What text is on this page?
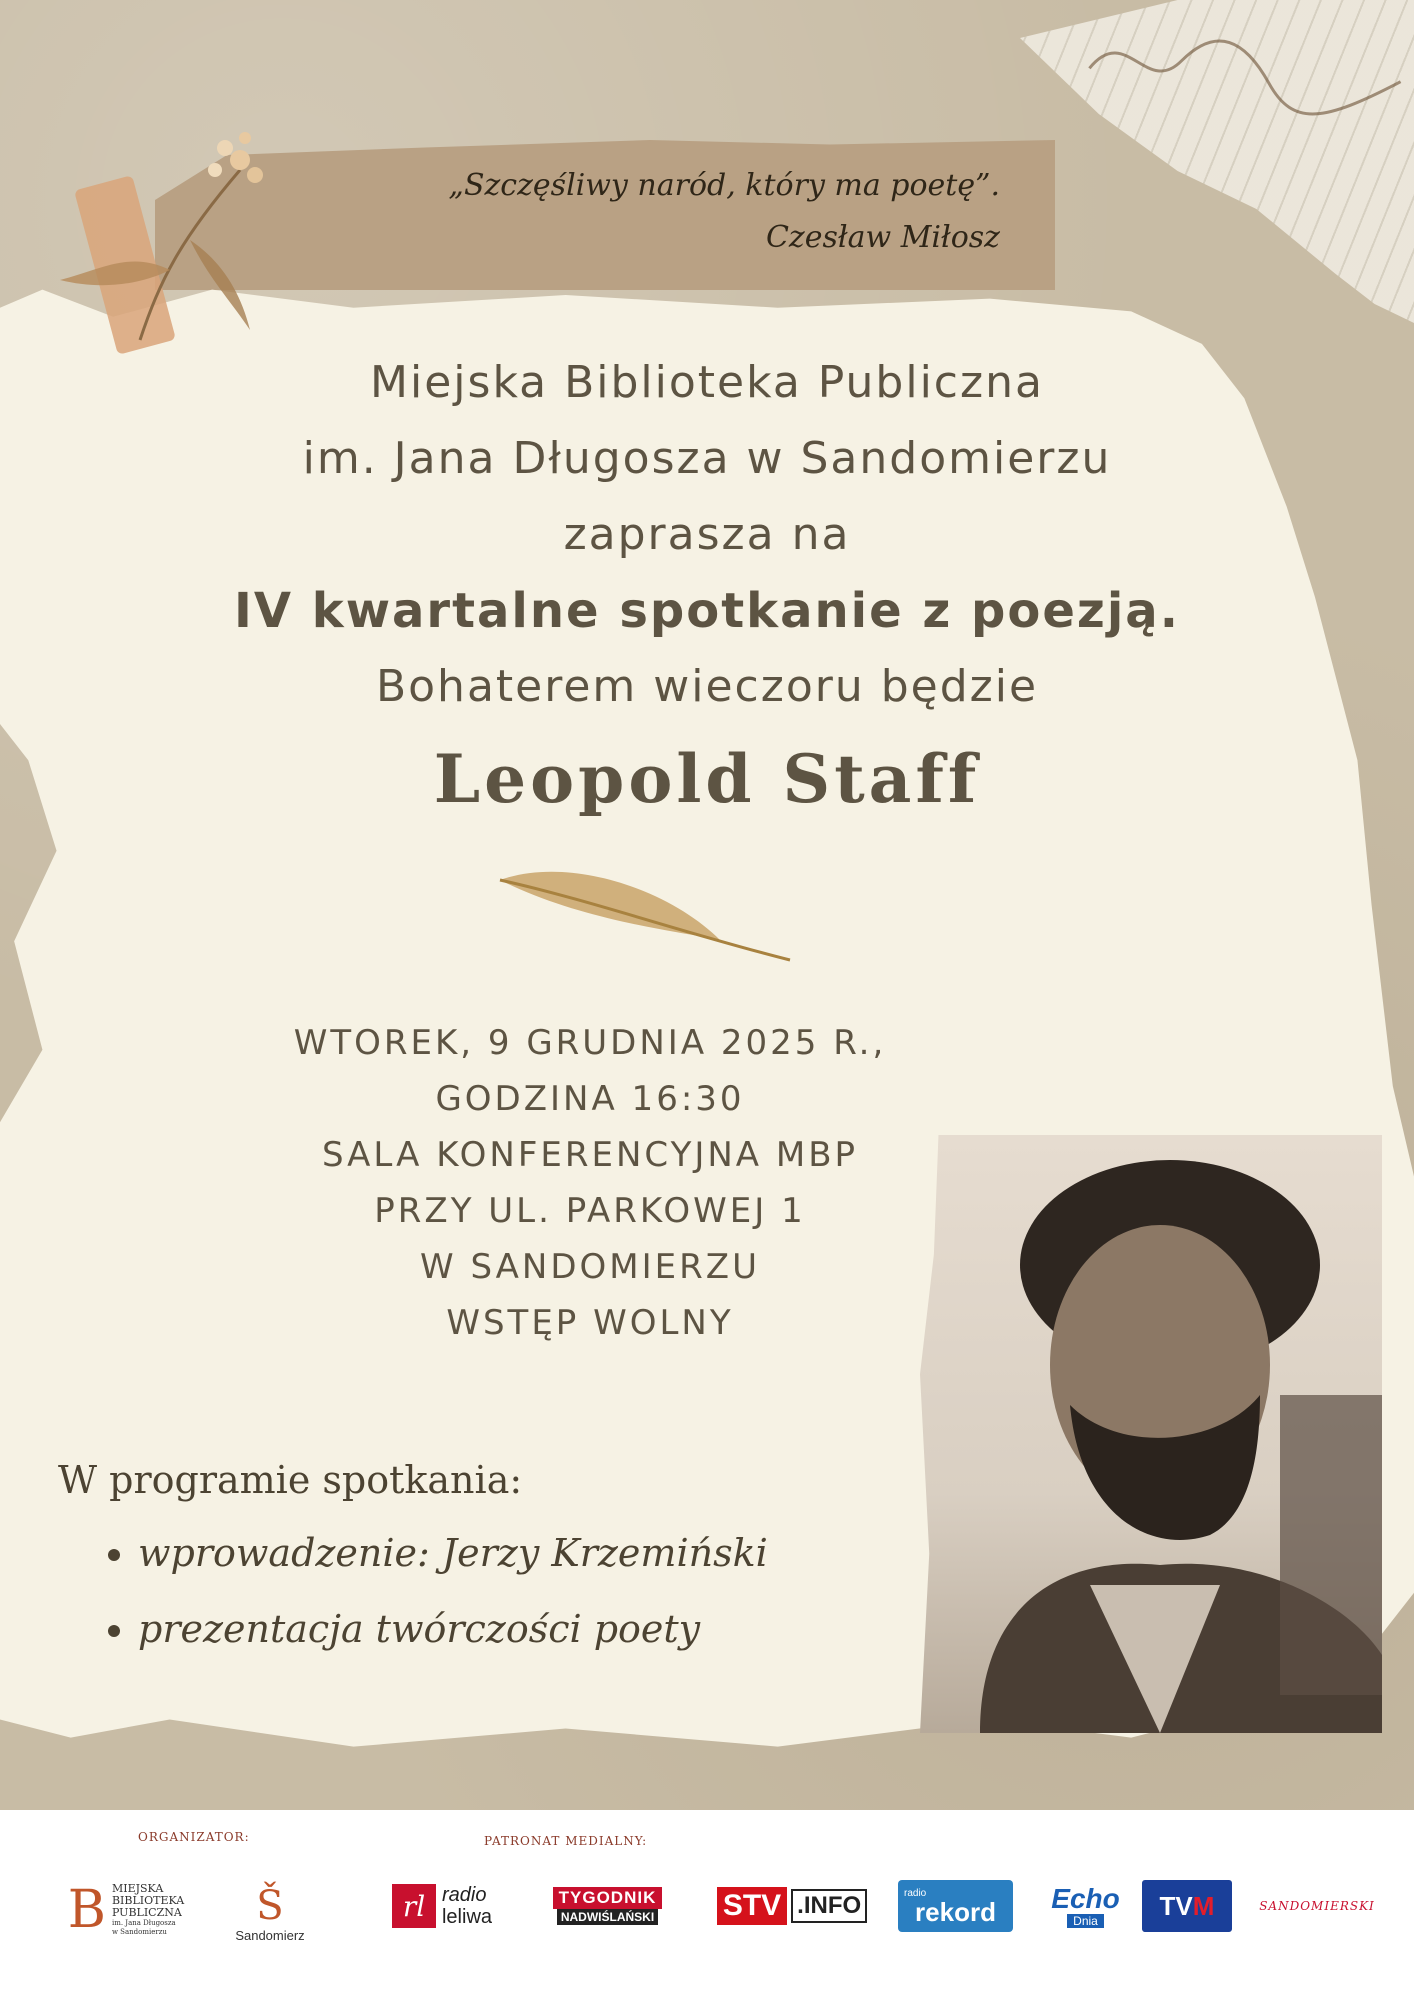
„Szczęśliwy naród, który ma poetę”.
Czesław Miłosz
Miejska Biblioteka Publiczna
im. Jana Długosza w Sandomierzu
zaprasza na
IV kwartalne spotkanie z poezją.
Bohaterem wieczoru będzie
Leopold Staff
WTOREK, 9 GRUDNIA 2025 R.,
GODZINA 16:30
SALA KONFERENCYJNA MBP
PRZY UL. PARKOWEJ 1
W SANDOMIERZU
WSTĘP WOLNY
W programie spotkania:
• wprowadzenie: Jerzy Krzemiński
• prezentacja twórczości poety
ORGANIZATOR:	PATRONAT MEDIALNY:
B MIEJSKA
BIBLIOTEKA
PUBLICZNA
im. Jana Długosza
w Sandomierzu
Š
Sandomierz
rl radio
leliwa
TYGODNIK
NADWIŚLAŃSKI STV .INFO	radio
rekord Echo
Dnia
TV M	SANDOMIERSKI
